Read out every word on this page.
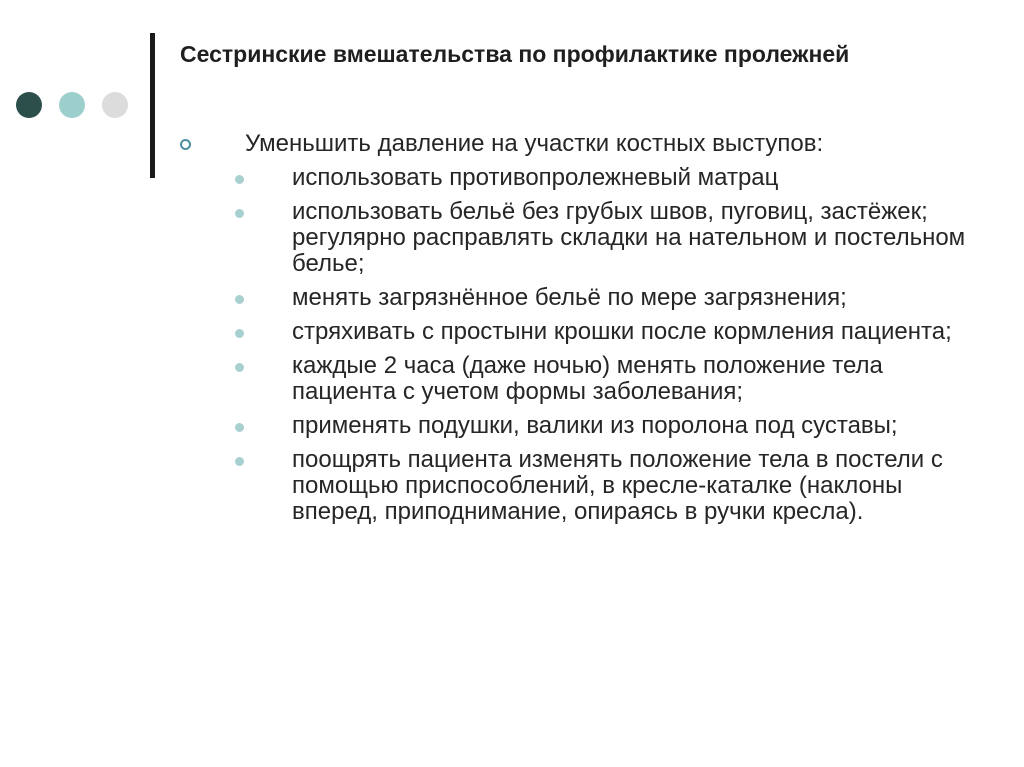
Сестринские вмешательства по профилактике пролежней
Уменьшить давление на участки костных выступов:
использовать противопролежневый матрац
использовать бельё без грубых швов, пуговиц, застёжек; регулярно расправлять складки на нательном и постельном белье;
менять загрязнённое бельё по мере загрязнения;
стряхивать с простыни крошки после кормления пациента;
каждые 2 часа (даже ночью) менять положение тела пациента с учетом формы заболевания;
применять подушки, валики из поролона под суставы;
поощрять пациента изменять положение тела в постели с помощью приспособлений, в кресле-каталке (наклоны вперед, приподнимание, опираясь в ручки кресла).
